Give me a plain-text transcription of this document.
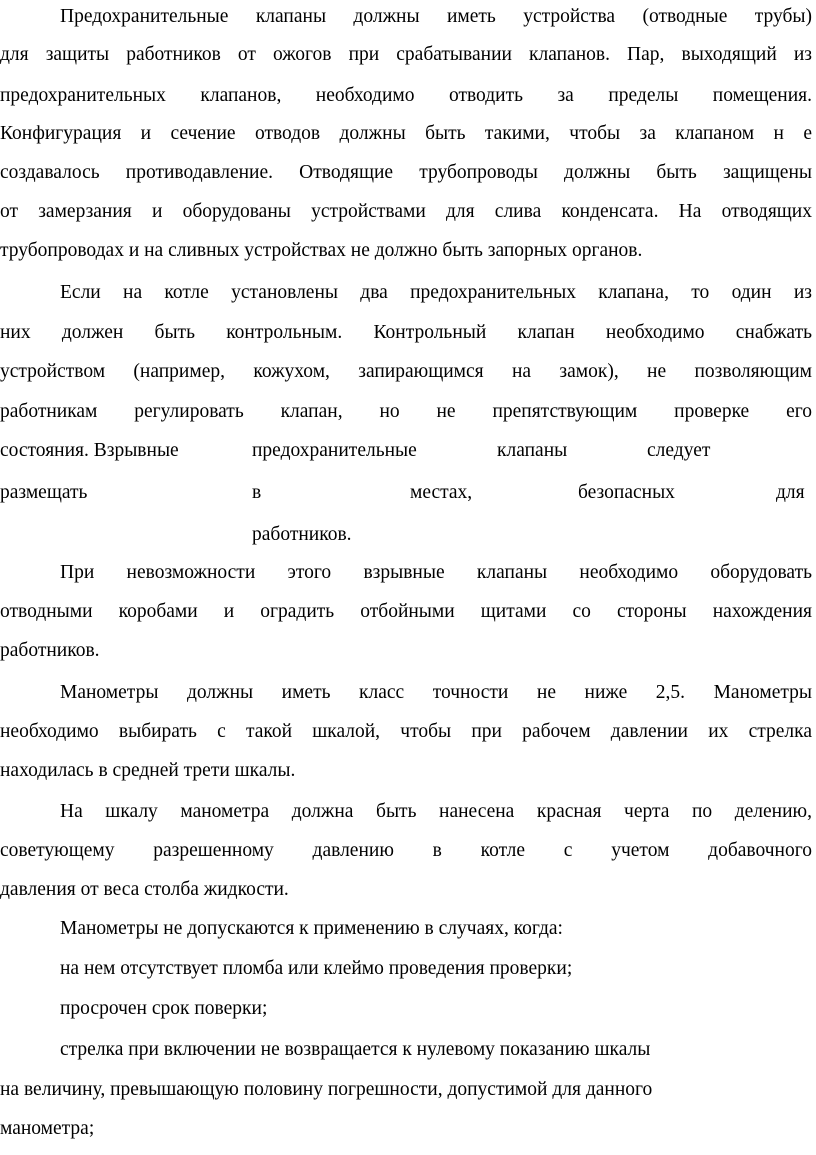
Предохранительные клапаны должны иметь устройства (отводные трубы)
для защиты работников от ожогов при срабатывании клапанов. Пар, выходящий из
предохранительных клапанов, необходимо отводить за пределы помещения.
Конфигурация и сечение отводов должны быть такими, чтобы за клапаном н е
создавалось противодавление. Отводящие трубопроводы должны быть защищены
от замерзания и оборудованы устройствами для слива конденсата. На отводящих
трубопроводах и на сливных устройствах не должно быть запорных органов.
Если на котле установлены два предохранительных клапана, то один из
них должен быть контрольным. Контрольный клапан необходимо снабжать
устройством (например, кожухом, запирающимся на замок), не позволяющим
работникам регулировать клапан, но не препятствующим проверке его
состояния. Взрывные	предохранительные	клапаны	следует
размещать	в	местах,	безопасных	для
работников.
При невозможности этого взрывные клапаны необходимо оборудовать
отводными коробами и оградить отбойными щитами со стороны нахождения
работников.
Манометры должны иметь класс точности не ниже 2,5. Манометры
необходимо выбирать с такой шкалой, чтобы при рабочем давлении их стрелка
находилась в средней трети шкалы.
На шкалу манометра должна быть нанесена красная черта по делению,
советующему разрешенному давлению в котле с учетом добавочного
давления от веса столба жидкости.
Манометры не допускаются к применению в случаях, когда:
на нем отсутствует пломба или клеймо проведения проверки;
просрочен срок поверки;
стрелка при включении не возвращается к нулевому показанию шкалы
на величину, превышающую половину погрешности, допустимой для данного
манометра;
